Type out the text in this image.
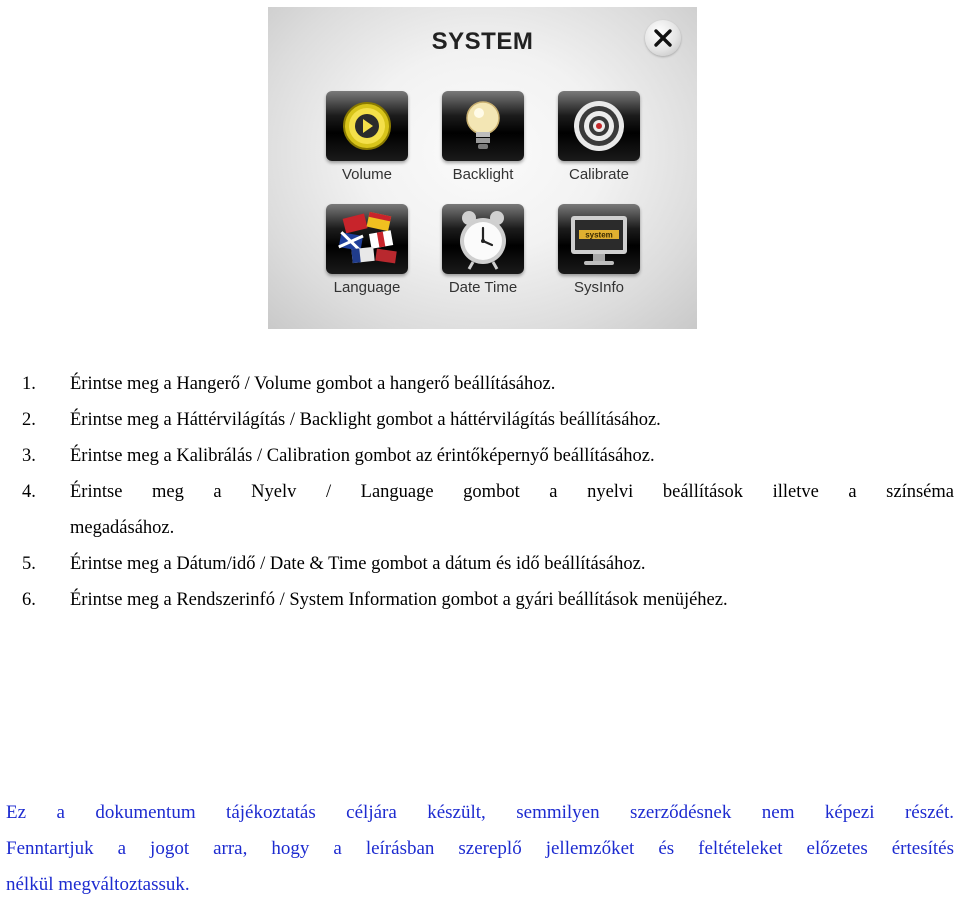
SYSTEM
Volume	Backlight	Calibrate
Language	Date Time
system
SysInfo
1. Érintse meg a Hangerő / Volume gombot a hangerő beállításához.
2. Érintse meg a Háttérvilágítás / Backlight gombot a háttérvilágítás beállításához.
3. Érintse meg a Kalibrálás / Calibration gombot az érintőképernyő beállításához.
4. Érintse meg a Nyelv / Language gombot a nyelvi beállítások illetve a színséma
megadásához.
5. Érintse meg a Dátum/idő / Date & Time gombot a dátum és idő beállításához.
6. Érintse meg a Rendszerinfó / System Information gombot a gyári beállítások menüjéhez.
Ez a dokumentum tájékoztatás céljára készült, semmilyen szerződésnek nem képezi részét.
Fenntartjuk a jogot arra, hogy a leírásban szereplő jellemzőket és feltételeket előzetes értesítés
nélkül megváltoztassuk.
